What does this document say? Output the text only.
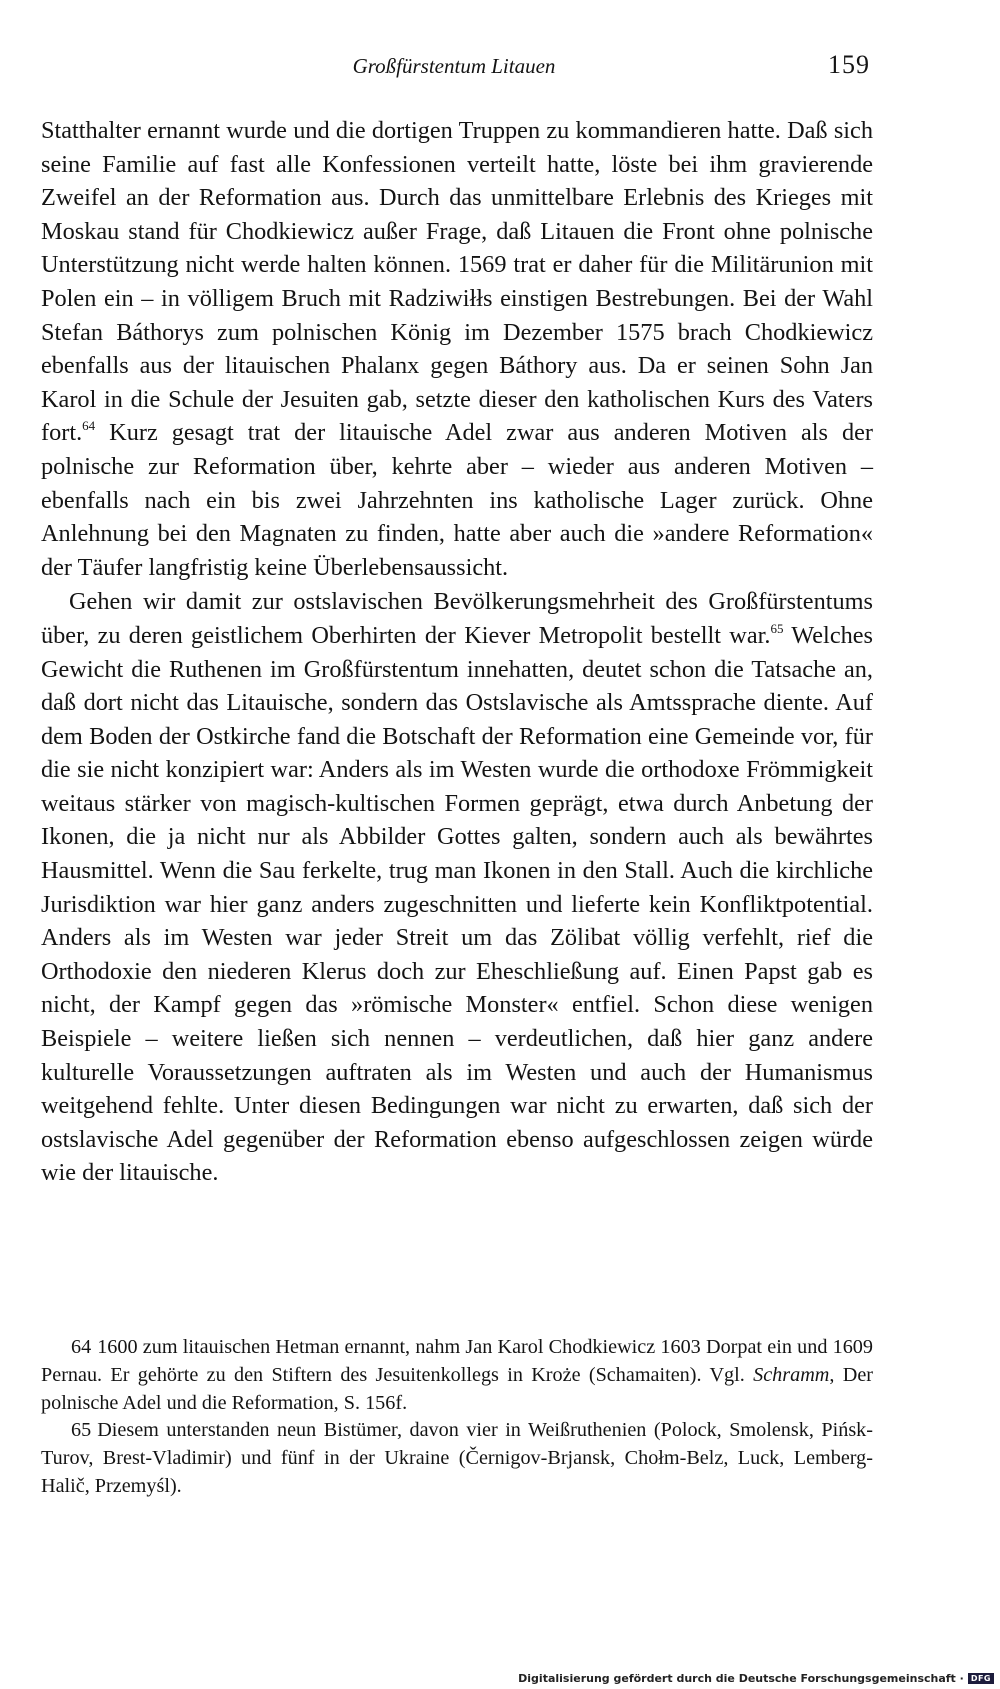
Großfürstentum Litauen	159

Statthalter ernannt wurde und die dortigen Truppen zu kommandieren hatte. Daß sich seine Familie auf fast alle Konfessionen verteilt hatte, löste bei ihm gravierende Zweifel an der Reformation aus. Durch das unmittelbare Erlebnis des Krieges mit Moskau stand für Chodkiewicz außer Frage, daß Litauen die Front ohne polnische Unterstützung nicht werde halten können. 1569 trat er daher für die Militärunion mit Polen ein – in völligem Bruch mit Radziwiłłs einstigen Bestrebungen. Bei der Wahl Stefan Báthorys zum polnischen König im Dezember 1575 brach Chodkiewicz ebenfalls aus der litauischen Phalanx gegen Báthory aus. Da er seinen Sohn Jan Karol in die Schule der Jesuiten gab, setzte dieser den katholischen Kurs des Vaters fort.$^{64}$ Kurz gesagt trat der litauische Adel zwar aus anderen Motiven als der polnische zur Reformation über, kehrte aber – wieder aus anderen Motiven – ebenfalls nach ein bis zwei Jahrzehnten ins katholische Lager zurück. Ohne Anlehnung bei den Magnaten zu finden, hatte aber auch die »andere Reformation« der Täufer langfristig keine Überlebensaussicht.

Gehen wir damit zur ostslavischen Bevölkerungsmehrheit des Großfürstentums über, zu deren geistlichem Oberhirten der Kiever Metropolit bestellt war.$^{65}$ Welches Gewicht die Ruthenen im Großfürstentum innehatten, deutet schon die Tatsache an, daß dort nicht das Litauische, sondern das Ostslavische als Amtssprache diente. Auf dem Boden der Ostkirche fand die Botschaft der Reformation eine Gemeinde vor, für die sie nicht konzipiert war: Anders als im Westen wurde die orthodoxe Frömmigkeit weitaus stärker von magisch-kultischen Formen geprägt, etwa durch Anbetung der Ikonen, die ja nicht nur als Abbilder Gottes galten, sondern auch als bewährtes Hausmittel. Wenn die Sau ferkelte, trug man Ikonen in den Stall. Auch die kirchliche Jurisdiktion war hier ganz anders zugeschnitten und lieferte kein Konfliktpotential. Anders als im Westen war jeder Streit um das Zölibat völlig verfehlt, rief die Orthodoxie den niederen Klerus doch zur Eheschließung auf. Einen Papst gab es nicht, der Kampf gegen das »römische Monster« entfiel. Schon diese wenigen Beispiele – weitere ließen sich nennen – verdeutlichen, daß hier ganz andere kulturelle Voraussetzungen auftraten als im Westen und auch der Humanismus weitgehend fehlte. Unter diesen Bedingungen war nicht zu erwarten, daß sich der ostslavische Adel gegenüber der Reformation ebenso aufgeschlossen zeigen würde wie der litauische.

64 1600 zum litauischen Hetman ernannt, nahm Jan Karol Chodkiewicz 1603 Dorpat ein und 1609 Pernau. Er gehörte zu den Stiftern des Jesuitenkollegs in Kroże (Schamaiten). Vgl. Schramm, Der polnische Adel und die Reformation, S. 156f.

65 Diesem unterstanden neun Bistümer, davon vier in Weißruthenien (Polock, Smolensk, Pińsk-Turov, Brest-Vladimir) und fünf in der Ukraine (Černigov-Brjansk, Chołm-Belz, Luck, Lemberg-Halič, Przemyśl).

Digitalisierung gefördert durch die Deutsche Forschungsgemeinschaft · DFG
